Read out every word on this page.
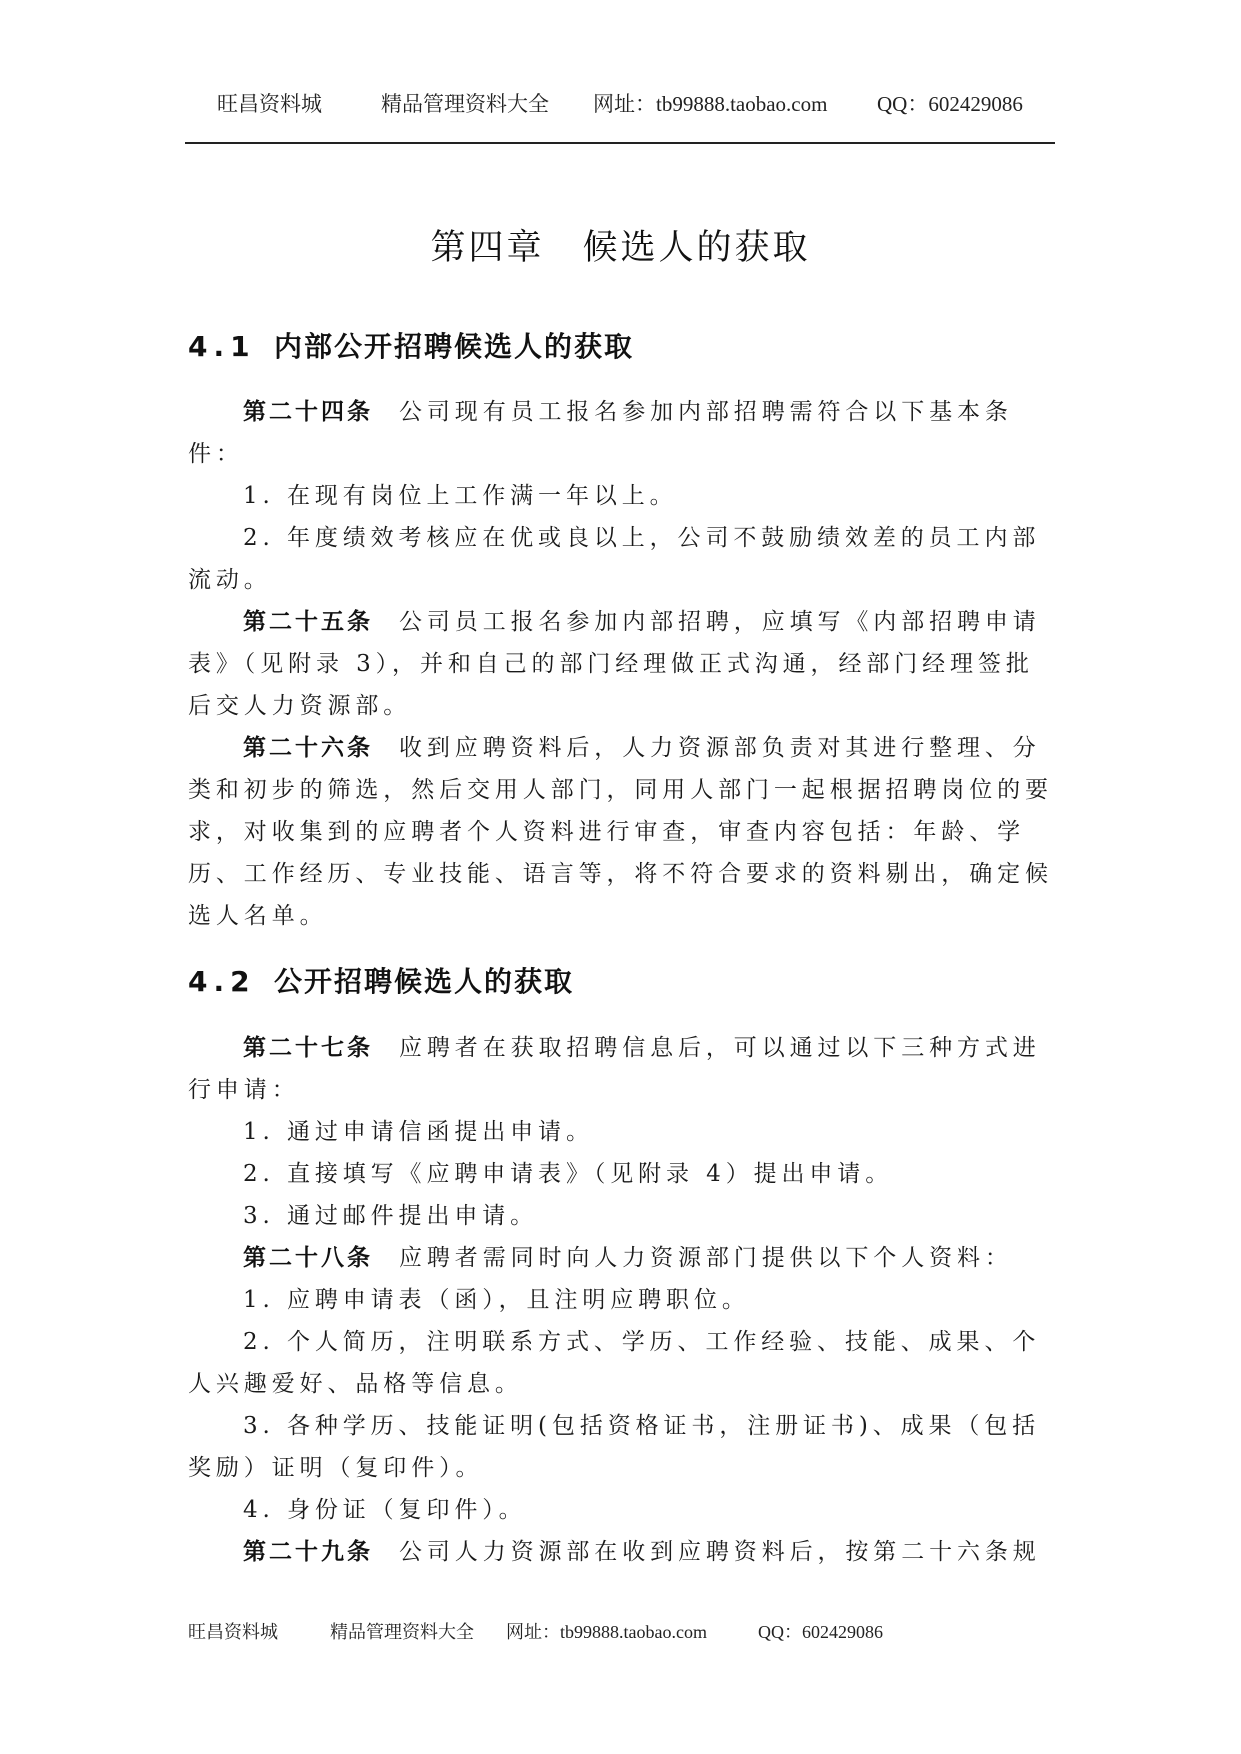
旺昌资料城	精品管理资料大全 网址：tb99888.taobao.com QQ：602429086
第四章　候选人的获取
4.1 内部公开招聘候选人的获取
第二十四条 公司现有员工报名参加内部招聘需符合以下基本条件：
1. 在现有岗位上工作满一年以上。
2. 年度绩效考核应在优或良以上，公司不鼓励绩效差的员工内部流动。
第二十五条 公司员工报名参加内部招聘，应填写《内部招聘申请表》（见附录 3），并和自己的部门经理做正式沟通，经部门经理签批后交人力资源部。
第二十六条 收到应聘资料后，人力资源部负责对其进行整理、分类和初步的筛选，然后交用人部门，同用人部门一起根据招聘岗位的要求，对收集到的应聘者个人资料进行审查，审查内容包括：年龄、学历、工作经历、专业技能、语言等，将不符合要求的资料剔出，确定候选人名单。
4.2 公开招聘候选人的获取
第二十七条 应聘者在获取招聘信息后，可以通过以下三种方式进行申请：
1. 通过申请信函提出申请。
2. 直接填写《应聘申请表》（见附录 4）提出申请。
3. 通过邮件提出申请。
第二十八条 应聘者需同时向人力资源部门提供以下个人资料：
1. 应聘申请表（函），且注明应聘职位。
2. 个人简历，注明联系方式、学历、工作经验、技能、成果、个人兴趣爱好、品格等信息。
3. 各种学历、技能证明(包括资格证书，注册证书)、成果（包括奖励）证明（复印件）。
4. 身份证（复印件）。
第二十九条 公司人力资源部在收到应聘资料后，按第二十六条规
旺昌资料城	精品管理资料大全 网址：tb99888.taobao.com	QQ：602429086
